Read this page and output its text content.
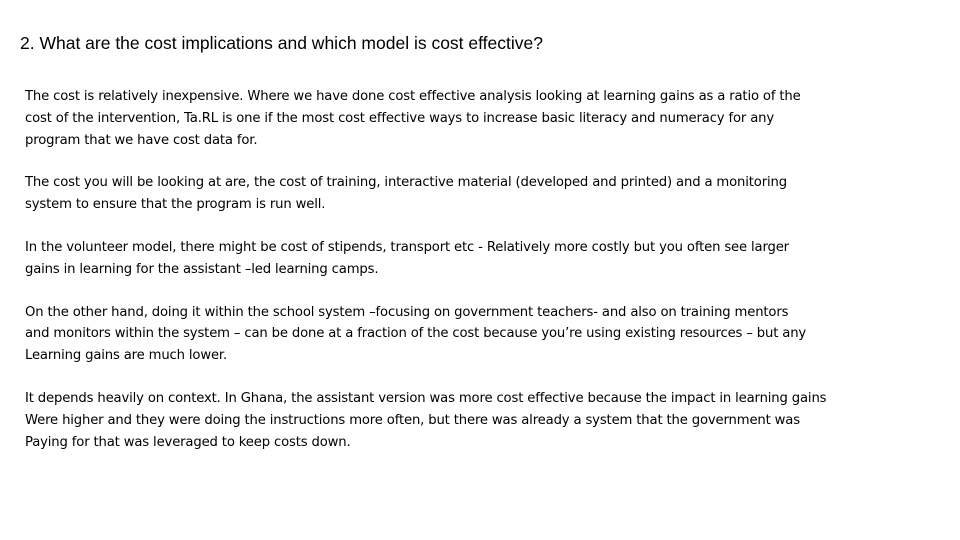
2. What are the cost implications and which model is cost effective?

The cost is relatively inexpensive. Where we have done cost effective analysis looking at learning gains as a ratio of the
cost of the intervention, Ta.RL is one if the most cost effective ways to increase basic literacy and numeracy for any
program that we have cost data for.

The cost you will be looking at are, the cost of training, interactive material (developed and printed) and a monitoring
system to ensure that the program is run well.

In the volunteer model, there might be cost of stipends, transport etc - Relatively more costly but you often see larger
gains in learning for the assistant –led learning camps.

On the other hand, doing it within the school system –focusing on government teachers- and also on training mentors
and monitors within the system – can be done at a fraction of the cost because you’re using existing resources – but any
Learning gains are much lower.

It depends heavily on context. In Ghana, the assistant version was more cost effective because the impact in learning gains
Were higher and they were doing the instructions more often, but there was already a system that the government was
Paying for that was leveraged to keep costs down.
